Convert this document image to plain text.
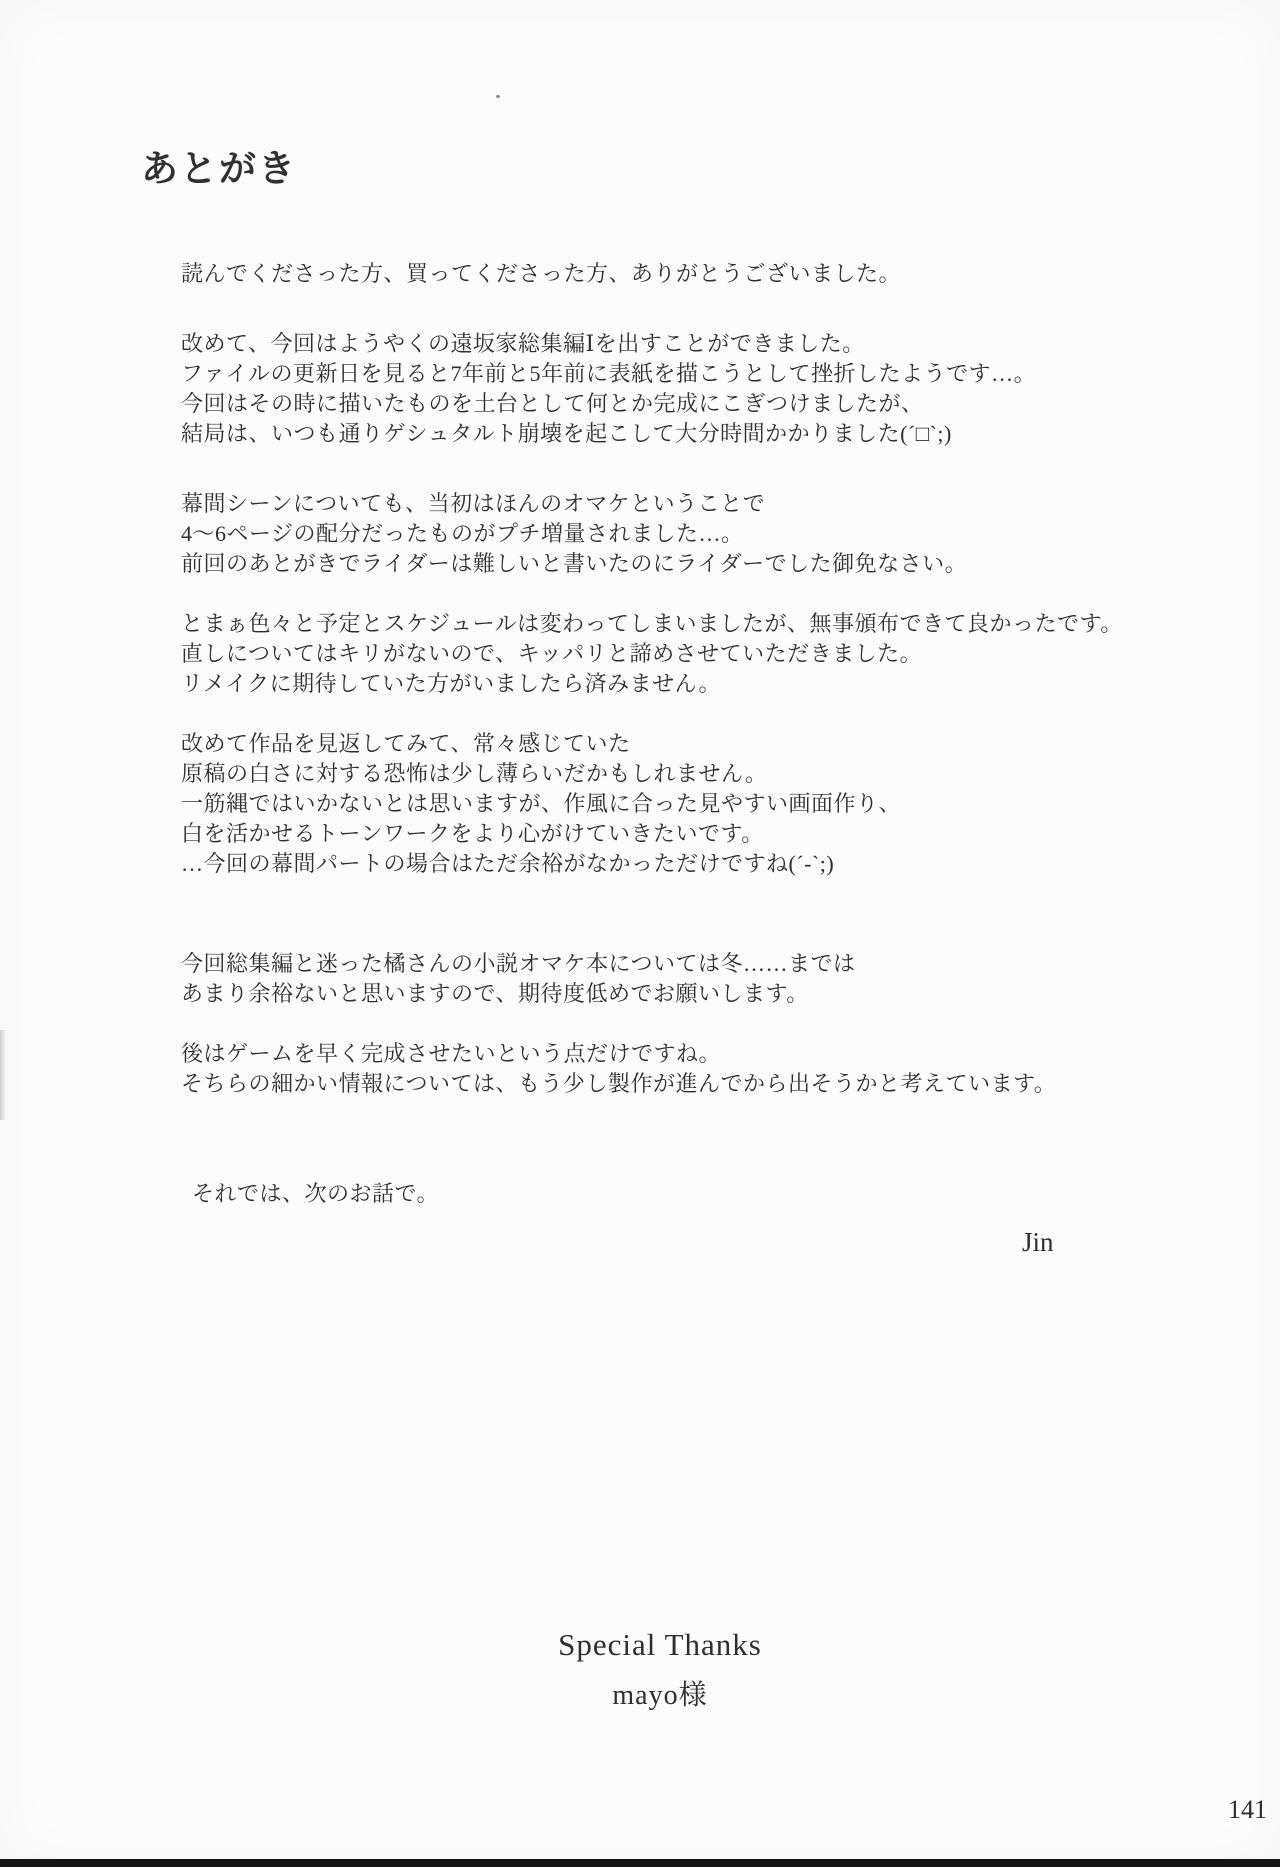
あとがき
読んでくださった方、買ってくださった方、ありがとうございました。
改めて、今回はようやくの遠坂家総集編Ⅰを出すことができました。
ファイルの更新日を見ると7年前と5年前に表紙を描こうとして挫折したようです…。
今回はその時に描いたものを土台として何とか完成にこぎつけましたが、
結局は、いつも通りゲシュタルト崩壊を起こして大分時間かかりました(´□`;)
幕間シーンについても、当初はほんのオマケということで
4～6ページの配分だったものがプチ増量されました…。
前回のあとがきでライダーは難しいと書いたのにライダーでした御免なさい。
とまぁ色々と予定とスケジュールは変わってしまいましたが、無事頒布できて良かったです。
直しについてはキリがないので、キッパリと諦めさせていただきました。
リメイクに期待していた方がいましたら済みません。
改めて作品を見返してみて、常々感じていた
原稿の白さに対する恐怖は少し薄らいだかもしれません。
一筋縄ではいかないとは思いますが、作風に合った見やすい画面作り、
白を活かせるトーンワークをより心がけていきたいです。
…今回の幕間パートの場合はただ余裕がなかっただけですね(´-`;)
今回総集編と迷った橘さんの小説オマケ本については冬……までは
あまり余裕ないと思いますので、期待度低めでお願いします。
後はゲームを早く完成させたいという点だけですね。
そちらの細かい情報については、もう少し製作が進んでから出そうかと考えています。
それでは、次のお話で。
Jin
Special Thanks
mayo様
141
